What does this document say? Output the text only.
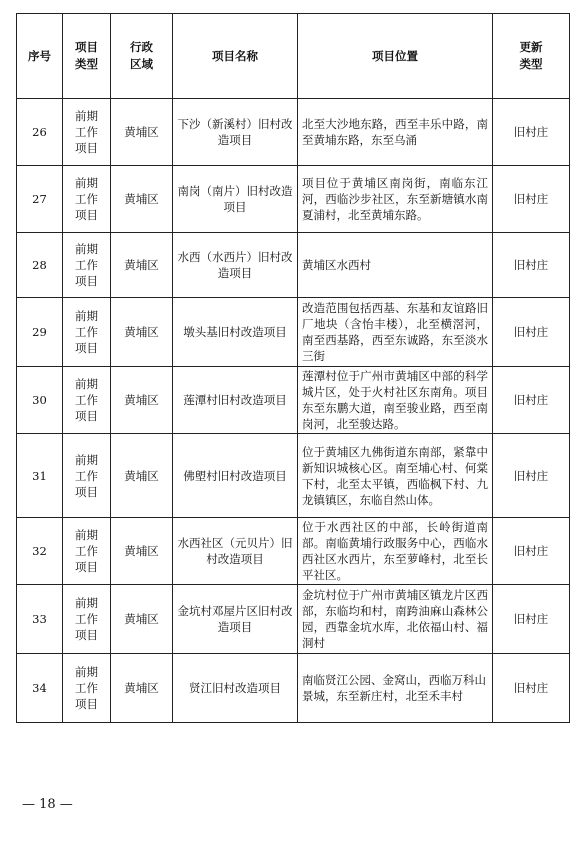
序号	项目类型	行政区域	项目名称	项目位置	更新类型
26	前期工作项目	黄埔区	下沙（新溪村）旧村改造项目	北至大沙地东路，西至丰乐中路，南至黄埔东路，东至乌涌	旧村庄
27	前期工作项目	黄埔区	南岗（南片）旧村改造项目	项目位于黄埔区南岗街，南临东江河，西临沙步社区，东至新塘镇水南夏浦村，北至黄埔东路。	旧村庄
28	前期工作项目	黄埔区	水西（水西片）旧村改造项目	黄埔区水西村	旧村庄
29	前期工作项目	黄埔区	墩头基旧村改造项目	改造范围包括西基、东基和友谊路旧厂地块（含怡丰楼），北至横滘河，南至西基路，西至东诚路，东至淡水三街	旧村庄
30	前期工作项目	黄埔区	莲潭村旧村改造项目	莲潭村位于广州市黄埔区中部的科学城片区，处于火村社区东南角。项目东至东鹏大道，南至骏业路，西至南岗河，北至骏达路。	旧村庄
31	前期工作项目	黄埔区	佛塱村旧村改造项目	位于黄埔区九佛街道东南部，紧靠中新知识城核心区。南至埔心村、何棠下村，北至太平镇，西临枫下村、九龙镇镇区，东临自然山体。	旧村庄
32	前期工作项目	黄埔区	水西社区（元贝片）旧村改造项目	位于水西社区的中部，长岭街道南部。南临黄埔行政服务中心，西临水西社区水西片，东至萝峰村，北至长平社区。	旧村庄
33	前期工作项目	黄埔区	金坑村邓屋片区旧村改造项目	金坑村位于广州市黄埔区镇龙片区西部，东临均和村，南跨油麻山森林公园，西靠金坑水库，北依福山村、福洞村	旧村庄
34	前期工作项目	黄埔区	贤江旧村改造项目	南临贤江公园、金窝山，西临万科山景城，东至新庄村，北至禾丰村	旧村庄
— 18 —
